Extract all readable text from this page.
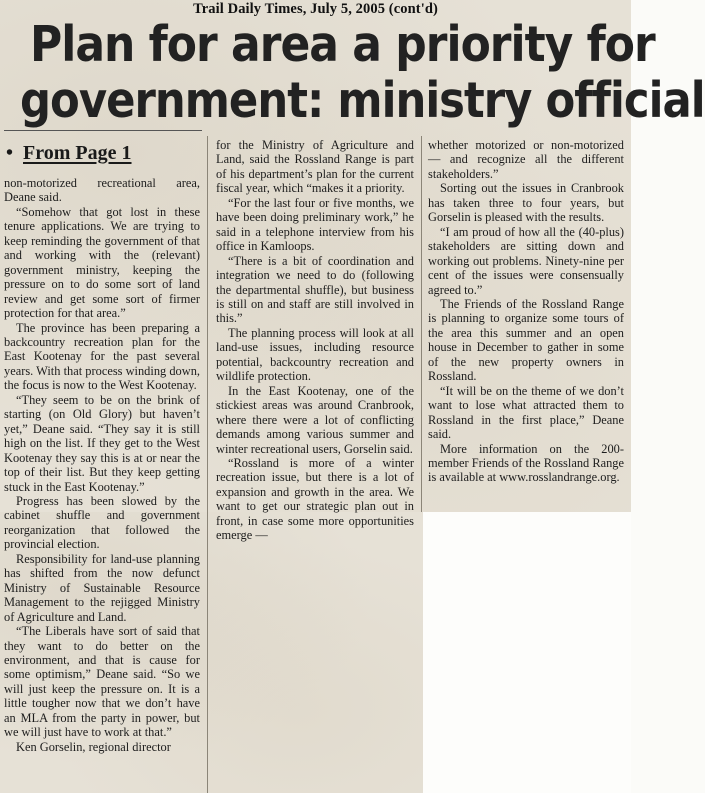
Trail Daily Times, July 5, 2005 (cont'd)
Plan for area a priority for
government: ministry official
• From Page 1

non-motorized recreational area, Deane said.

“Somehow that got lost in these tenure applications. We are trying to keep reminding the government of that and working with the (relevant) government ministry, keeping the pressure on to do some sort of land review and get some sort of firmer protection for that area.”

The province has been preparing a backcountry recreation plan for the East Kootenay for the past several years. With that process winding down, the focus is now to the West Kootenay.

“They seem to be on the brink of starting (on Old Glory) but haven’t yet,” Deane said. “They say it is still high on the list. If they get to the West Kootenay they say this is at or near the top of their list. But they keep getting stuck in the East Kootenay.”

Progress has been slowed by the cabinet shuffle and government reorganization that followed the provincial election.

Responsibility for land-use planning has shifted from the now defunct Ministry of Sustainable Resource Management to the rejigged Ministry of Agriculture and Land.

“The Liberals have sort of said that they want to do better on the environment, and that is cause for some optimism,” Deane said. “So we will just keep the pressure on. It is a little tougher now that we don’t have an MLA from the party in power, but we will just have to work at that.”

Ken Gorselin, regional director

for the Ministry of Agriculture and Land, said the Rossland Range is part of his department’s plan for the current fiscal year, which “makes it a priority.

“For the last four or five months, we have been doing preliminary work,” he said in a telephone interview from his office in Kamloops.

“There is a bit of coordination and integration we need to do (following the departmental shuffle), but business is still on and staff are still involved in this.”

The planning process will look at all land-use issues, including resource potential, backcountry recreation and wildlife protection.

In the East Kootenay, one of the stickiest areas was around Cranbrook, where there were a lot of conflicting demands among various summer and winter recreational users, Gorselin said.

“Rossland is more of a winter recreation issue, but there is a lot of expansion and growth in the area. We want to get our strategic plan out in front, in case some more opportunities emerge —

whether motorized or non-motorized — and recognize all the different stakeholders.”

Sorting out the issues in Cranbrook has taken three to four years, but Gorselin is pleased with the results.

“I am proud of how all the (40-plus) stakeholders are sitting down and working out problems. Ninety-nine per cent of the issues were consensually agreed to.”

The Friends of the Rossland Range is planning to organize some tours of the area this summer and an open house in December to gather in some of the new property owners in Rossland.

“It will be on the theme of we don’t want to lose what attracted them to Rossland in the first place,” Deane said.

More information on the 200-member Friends of the Rossland Range is available at www.rosslandrange.org.
